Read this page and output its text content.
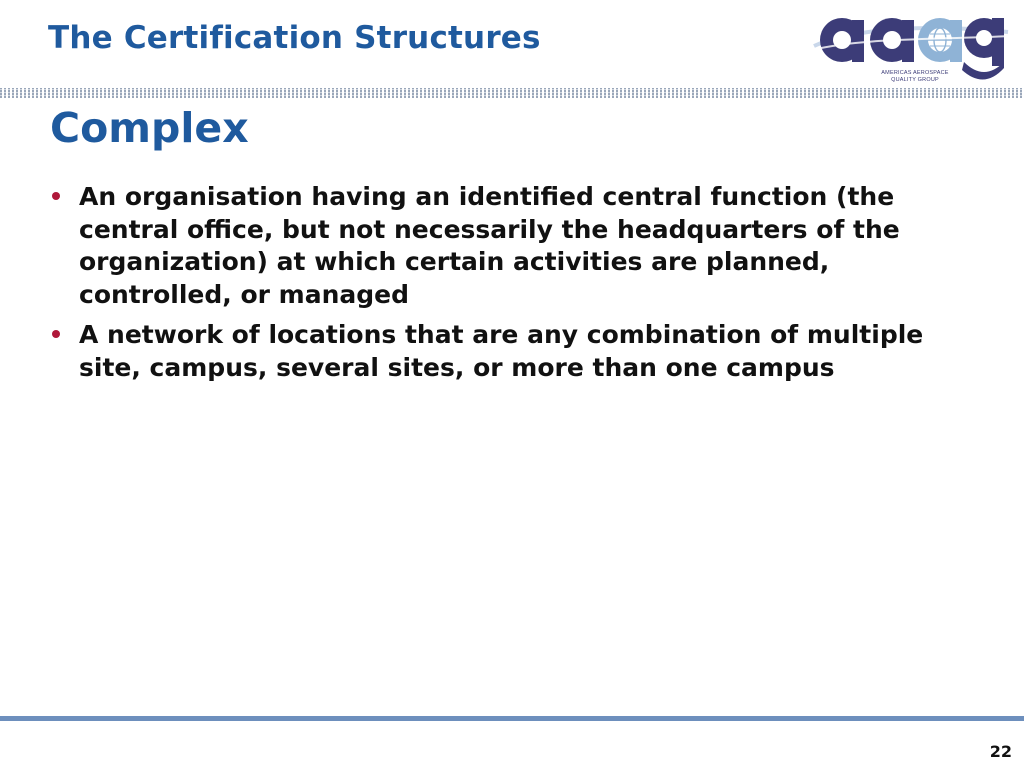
The Certification Structures
AMERICAS AEROSPACE
QUALITY GROUP
Complex
An organisation having an identified central function (the central office, but not necessarily the headquarters of the organization) at which certain activities are planned, controlled, or managed
A network of locations that are any combination of multiple site, campus, several sites, or more than one campus
22
